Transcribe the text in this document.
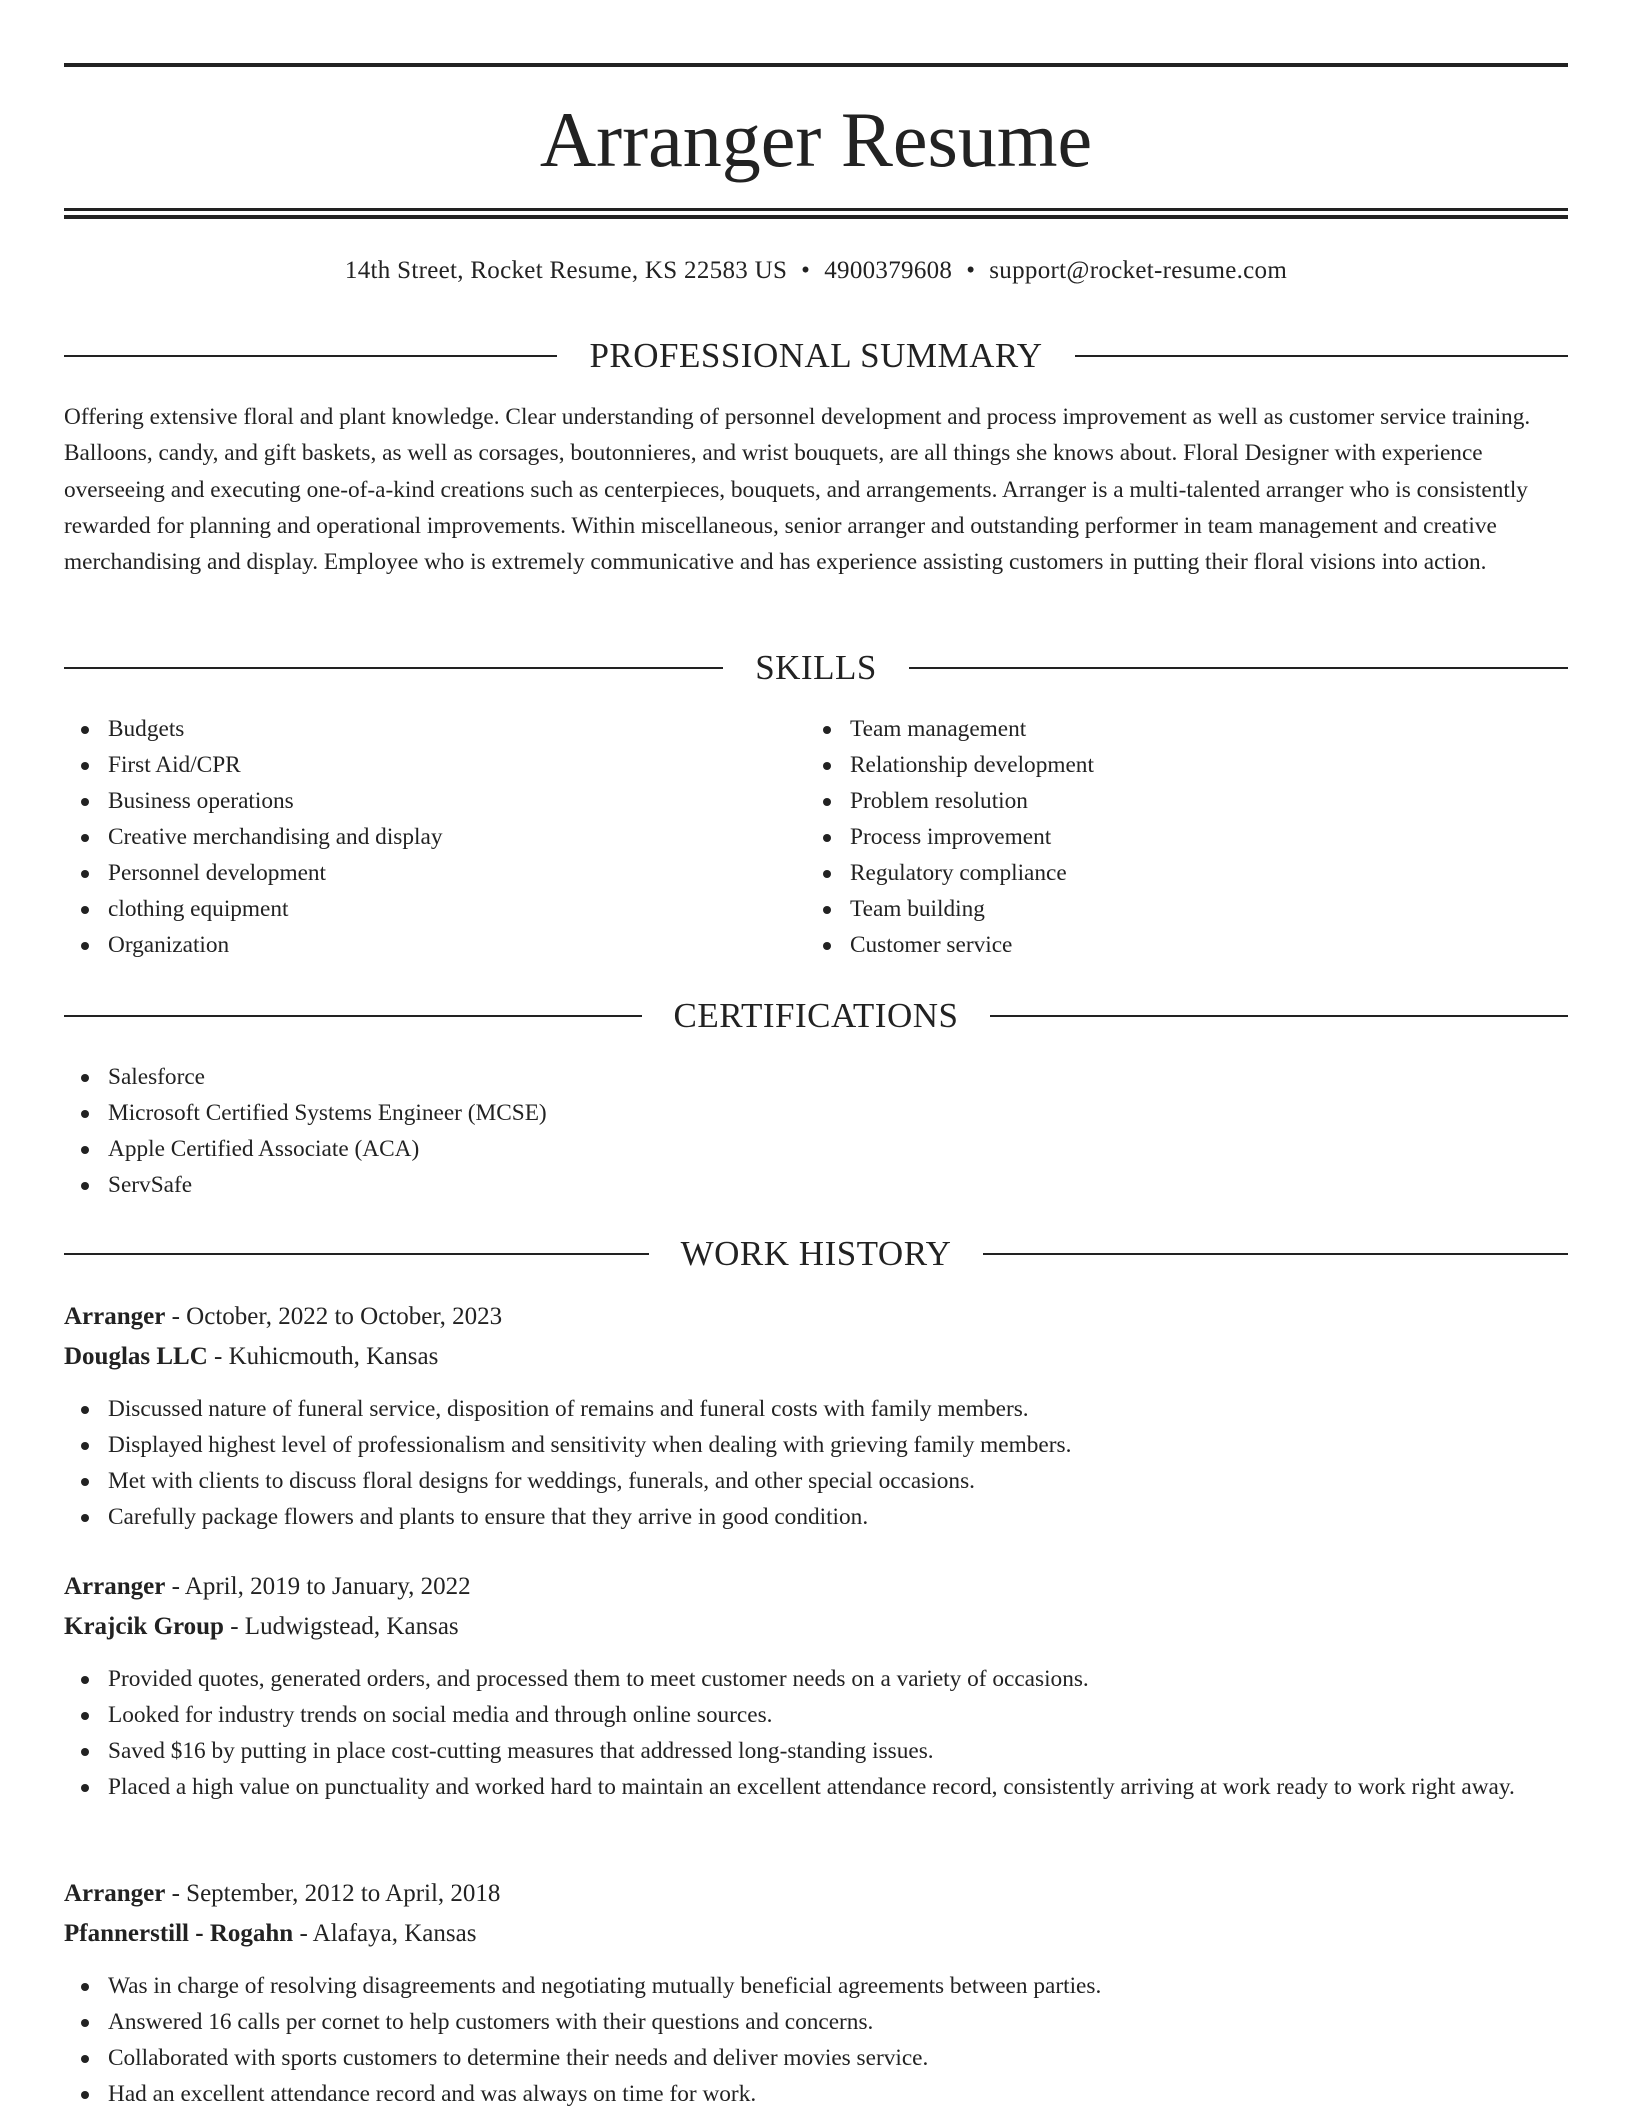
Arranger Resume
14th Street, Rocket Resume, KS 22583 US • 4900379608 • support@rocket-resume.com
PROFESSIONAL SUMMARY

Offering extensive floral and plant knowledge. Clear understanding of personnel development and process improvement as well as customer service training. Balloons, candy, and gift baskets, as well as corsages, boutonnieres, and wrist bouquets, are all things she knows about. Floral Designer with experience overseeing and executing one-of-a-kind creations such as centerpieces, bouquets, and arrangements. Arranger is a multi-talented arranger who is consistently rewarded for planning and operational improvements. Within miscellaneous, senior arranger and outstanding performer in team management and creative merchandising and display. Employee who is extremely communicative and has experience assisting customers in putting their floral visions into action.

SKILLS
Budgets
First Aid/CPR
Business operations
Creative merchandising and display
Personnel development
clothing equipment
Organization
Team management
Relationship development
Problem resolution
Process improvement
Regulatory compliance
Team building
Customer service
CERTIFICATIONS
Salesforce
Microsoft Certified Systems Engineer (MCSE)
Apple Certified Associate (ACA)
ServSafe
WORK HISTORY
Arranger - October, 2022 to October, 2023
Douglas LLC - Kuhicmouth, Kansas
Discussed nature of funeral service, disposition of remains and funeral costs with family members.
Displayed highest level of professionalism and sensitivity when dealing with grieving family members.
Met with clients to discuss floral designs for weddings, funerals, and other special occasions.
Carefully package flowers and plants to ensure that they arrive in good condition.
Arranger - April, 2019 to January, 2022
Krajcik Group - Ludwigstead, Kansas
Provided quotes, generated orders, and processed them to meet customer needs on a variety of occasions.
Looked for industry trends on social media and through online sources.
Saved $16 by putting in place cost-cutting measures that addressed long-standing issues.
Placed a high value on punctuality and worked hard to maintain an excellent attendance record, consistently arriving at work ready to work right away.
Arranger - September, 2012 to April, 2018
Pfannerstill - Rogahn - Alafaya, Kansas
Was in charge of resolving disagreements and negotiating mutually beneficial agreements between parties.
Answered 16 calls per cornet to help customers with their questions and concerns.
Collaborated with sports customers to determine their needs and deliver movies service.
Had an excellent attendance record and was always on time for work.
